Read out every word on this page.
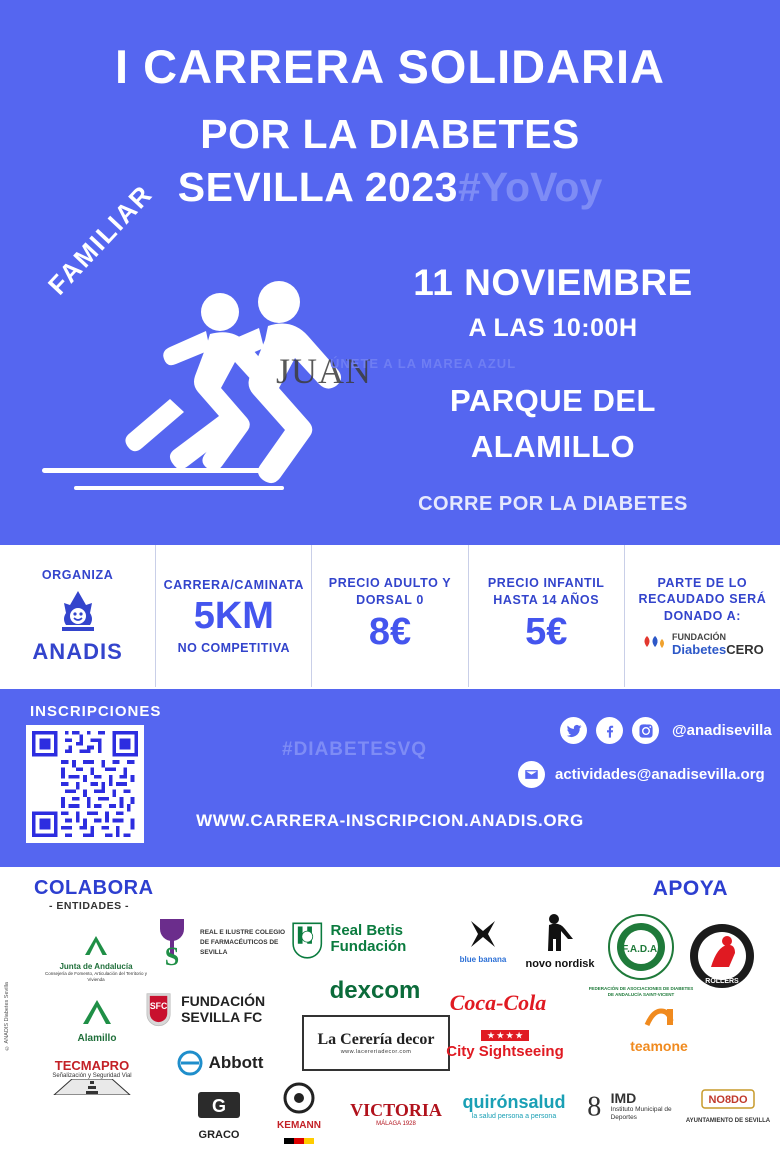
I CARRERA SOLIDARIA
POR LA DIABETES
SEVILLA 2023 #YoVoy
FAMILIAR
JUAN
ÚNETE A LA MAREA AZUL
11 NOVIEMBRE
A LAS 10:00H
PARQUE DEL
ALAMILLO
CORRE POR LA DIABETES
ORGANIZA
ANADIS
CARRERA/CAMINATA
5KM
NO COMPETITIVA
PRECIO ADULTO Y DORSAL 0
8€
PRECIO INFANTIL HASTA 14 AÑOS
5€
PARTE DE LO RECAUDADO SERÁ DONADO A:
FUNDACIÓN
DiabetesCERO
INSCRIPCIONES
#DIABETESVQ
@anadisevilla
actividades@anadisevilla.org
WWW.CARRERA-INSCRIPCION.ANADIS.ORG
COLABORA
- ENTIDADES -
APOYA
© ANADIS Diabetes Sevilla
Junta de Andalucía
Consejería de Fomento, Articulación del Territorio y Vivienda
Alamillo
TECMAPRO
Señalización y Seguridad Vial
S
REAL E ILUSTRE COLEGIO DE FARMACÉUTICOS DE SEVILLA
SFC FUNDACIÓN SEVILLA FC
Abbott
G
GRACO
Real Betis Fundación
dexcom
La Cerería decor
www.lacereriadecor.com
KEMANN
VICTORIA
MÁLAGA 1928
blue banana
Coca-Cola
★ ★ ★ ★
City Sightseeing
quirónsalud
la salud persona a persona
novo nordisk
F.A.D.A.
FEDERACIÓN DE ASOCIACIONES DE DIABETES DE ANDALUCÍA SAINT-VICENT
teamone
8 IMD
Instituto Municipal de Deportes
ROLLERS
NO8DO
AYUNTAMIENTO DE SEVILLA
